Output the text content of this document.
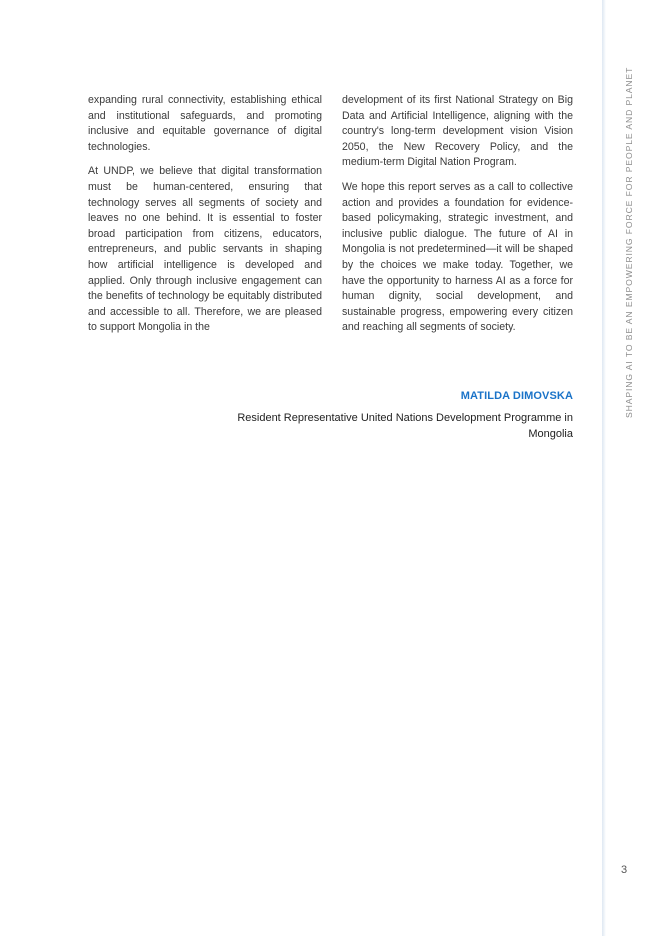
expanding rural connectivity, establishing ethical and institutional safeguards, and promoting inclusive and equitable governance of digital technologies.

At UNDP, we believe that digital transformation must be human-centered, ensuring that technology serves all segments of society and leaves no one behind. It is essential to foster broad participation from citizens, educators, entrepreneurs, and public servants in shaping how artificial intelligence is developed and applied. Only through inclusive engagement can the benefits of technology be equitably distributed and accessible to all. Therefore, we are pleased to support Mongolia in the

development of its first National Strategy on Big Data and Artificial Intelligence, aligning with the country's long-term development vision Vision 2050, the New Recovery Policy, and the medium-term Digital Nation Program.

We hope this report serves as a call to collective action and provides a foundation for evidence-based policymaking, strategic investment, and inclusive public dialogue. The future of AI in Mongolia is not predetermined—it will be shaped by the choices we make today. Together, we have the opportunity to harness AI as a force for human dignity, social development, and sustainable progress, empowering every citizen and reaching all segments of society.

MATILDA DIMOVSKA
Resident Representative United Nations Development Programme in Mongolia
SHAPING AI TO BE AN EMPOWERING FORCE FOR PEOPLE AND PLANET
3
